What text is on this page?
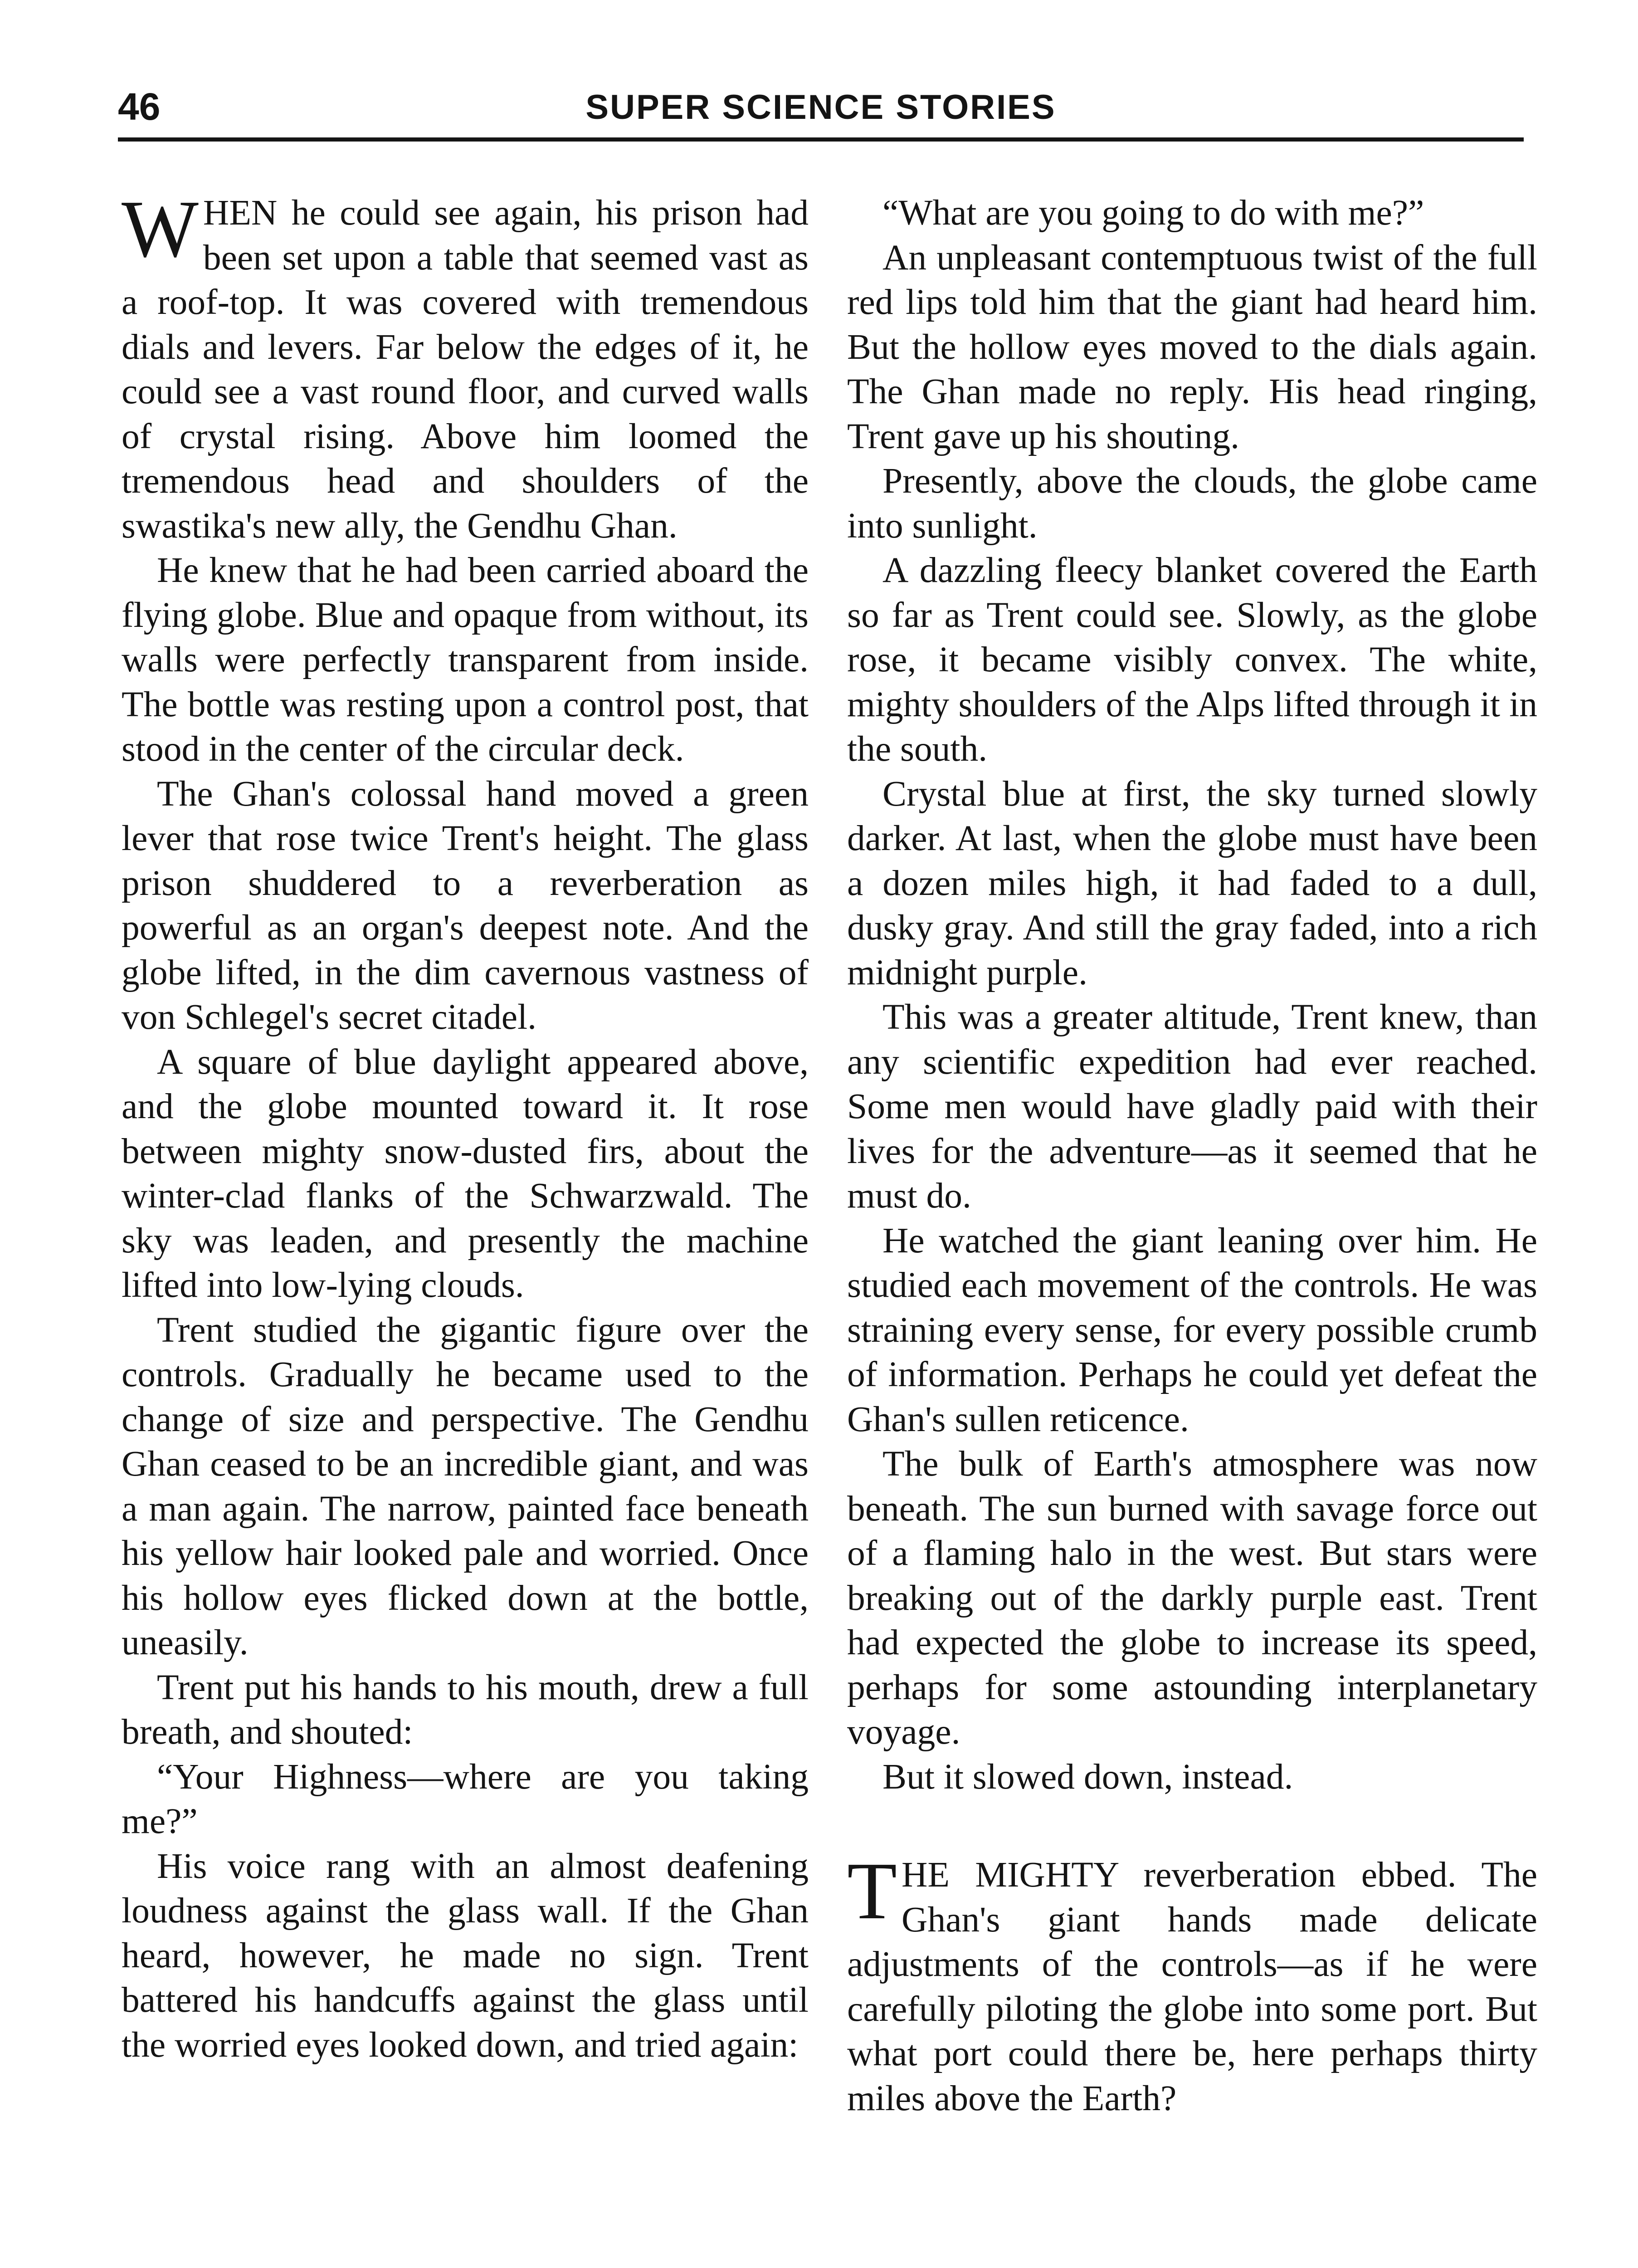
46	SUPER SCIENCE STORIES

WHEN he could see again, his prison had been set upon a table that seemed vast as a roof-top. It was covered with tremendous dials and levers. Far below the edges of it, he could see a vast round floor, and curved walls of crystal rising. Above him loomed the tremendous head and shoulders of the swastika's new ally, the Gendhu Ghan.

He knew that he had been carried aboard the flying globe. Blue and opaque from without, its walls were perfectly transparent from inside. The bottle was resting upon a control post, that stood in the center of the circular deck.

The Ghan's colossal hand moved a green lever that rose twice Trent's height. The glass prison shuddered to a reverberation as powerful as an organ's deepest note. And the globe lifted, in the dim cavernous vastness of von Schlegel's secret citadel.

A square of blue daylight appeared above, and the globe mounted toward it. It rose between mighty snow-dusted firs, about the winter-clad flanks of the Schwarzwald. The sky was leaden, and presently the machine lifted into low-lying clouds.

Trent studied the gigantic figure over the controls. Gradually he became used to the change of size and perspective. The Gendhu Ghan ceased to be an incredible giant, and was a man again. The narrow, painted face beneath his yellow hair looked pale and worried. Once his hollow eyes flicked down at the bottle, uneasily.

Trent put his hands to his mouth, drew a full breath, and shouted:

“Your Highness—where are you taking me?”

His voice rang with an almost deafening loudness against the glass wall. If the Ghan heard, however, he made no sign. Trent battered his handcuffs against the glass until the worried eyes looked down, and tried again:

“What are you going to do with me?”

An unpleasant contemptuous twist of the full red lips told him that the giant had heard him. But the hollow eyes moved to the dials again. The Ghan made no reply. His head ringing, Trent gave up his shouting.

Presently, above the clouds, the globe came into sunlight.

A dazzling fleecy blanket covered the Earth so far as Trent could see. Slowly, as the globe rose, it became visibly convex. The white, mighty shoulders of the Alps lifted through it in the south.

Crystal blue at first, the sky turned slowly darker. At last, when the globe must have been a dozen miles high, it had faded to a dull, dusky gray. And still the gray faded, into a rich midnight purple.

This was a greater altitude, Trent knew, than any scientific expedition had ever reached. Some men would have gladly paid with their lives for the adventure—as it seemed that he must do.

He watched the giant leaning over him. He studied each movement of the controls. He was straining every sense, for every possible crumb of information. Perhaps he could yet defeat the Ghan's sullen reticence.

The bulk of Earth's atmosphere was now beneath. The sun burned with savage force out of a flaming halo in the west. But stars were breaking out of the darkly purple east. Trent had expected the globe to increase its speed, perhaps for some astounding interplanetary voyage.

But it slowed down, instead.

THE MIGHTY reverberation ebbed. The Ghan's giant hands made delicate adjustments of the controls—as if he were carefully piloting the globe into some port. But what port could there be, here perhaps thirty miles above the Earth?
